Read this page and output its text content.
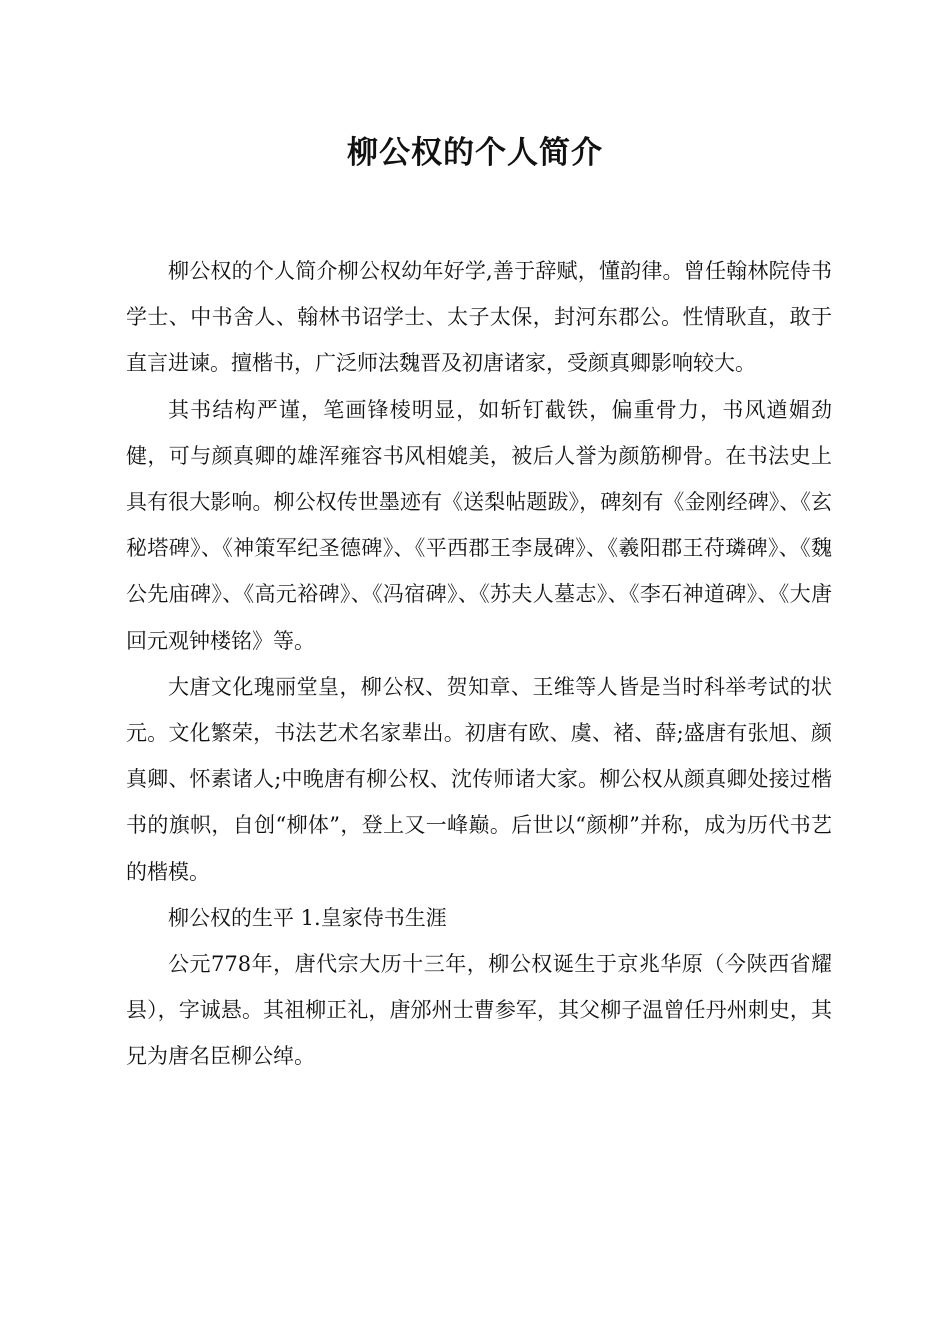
柳公权的个人简介

柳公权的个人简介柳公权幼年好学,善于辞赋，懂韵律。曾任翰林院侍书学士、中书舍人、翰林书诏学士、太子太保，封河东郡公。性情耿直，敢于直言进谏。擅楷书，广泛师法魏晋及初唐诸家，受颜真卿影响较大。

其书结构严谨，笔画锋棱明显，如斩钉截铁，偏重骨力，书风遒媚劲健，可与颜真卿的雄浑雍容书风相媲美，被后人誉为颜筋柳骨。在书法史上具有很大影响。柳公权传世墨迹有《送梨帖题跋》，碑刻有《金刚经碑》、《玄秘塔碑》、《神策军纪圣德碑》、《平西郡王李晟碑》、《羲阳郡王苻璘碑》、《魏公先庙碑》、《高元裕碑》、《冯宿碑》、《苏夫人墓志》、《李石神道碑》、《大唐回元观钟楼铭》等。

大唐文化瑰丽堂皇，柳公权、贺知章、王维等人皆是当时科举考试的状元。文化繁荣，书法艺术名家辈出。初唐有欧、虞、褚、薛;盛唐有张旭、颜真卿、怀素诸人;中晚唐有柳公权、沈传师诸大家。柳公权从颜真卿处接过楷书的旗帜，自创“柳体”，登上又一峰巅。后世以“颜柳”并称，成为历代书艺的楷模。

柳公权的生平 1.皇家侍书生涯

公元778年，唐代宗大历十三年，柳公权诞生于京兆华原（今陕西省耀县），字诚悬。其祖柳正礼，唐邠州士曹参军，其父柳子温曾任丹州刺史，其兄为唐名臣柳公绰。
